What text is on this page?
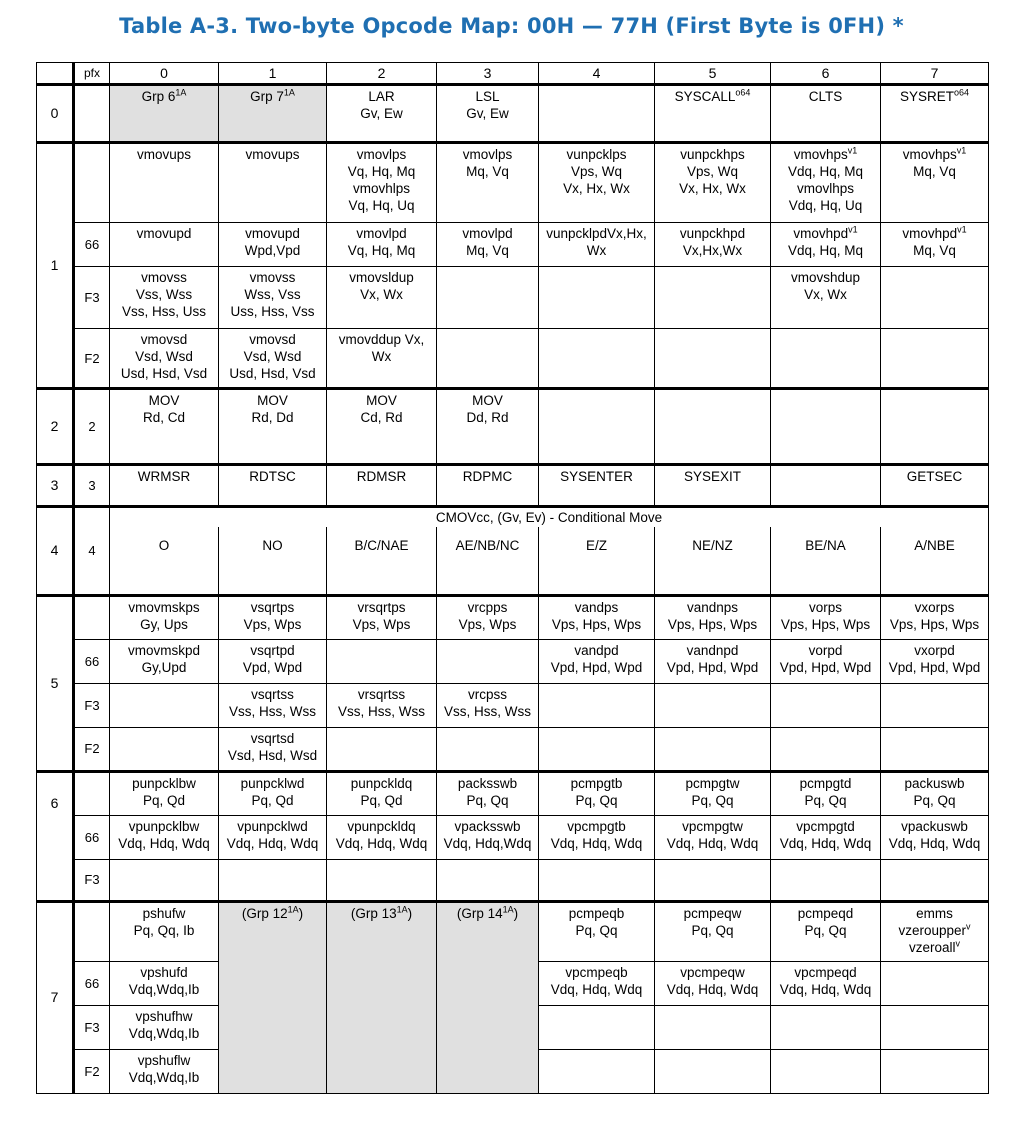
Table A-3. Two-byte Opcode Map: 00H — 77H (First Byte is 0FH) *
	pfx	0	1	2	3	4	5	6	7
0		Grp $6^{1A}$	Grp $7^{1A}$	LAR
Gv, Ew	LSL
Gv, Ew		$SYSCALL^{o64}$	CLTS	$SYSRET^{o64}$
1		vmovups	vmovups	vmovlps
Vq, Hq, Mq
vmovhlps
Vq, Hq, Uq	vmovlps
Mq, Vq	vunpcklps
Vps, Wq
Vx, Hx, Wx	vunpckhps
Vps, Wq
Vx, Hx, Wx	vmovhps$^{v1}$
Vdq, Hq, Mq
vmovlhps
Vdq, Hq, Uq	vmovhps$^{v1}$
Mq, Vq

	66	vmovupd	vmovupd
Wpd,Vpd	vmovlpd
Vq, Hq, Mq	vmovlpd
Mq, Vq	vunpcklpdVx,Hx,
Wx	vunpckhpd
Vx,Hx,Wx	vmovhpd$^{v1}$
Vdq, Hq, Mq	vmovhpd$^{v1}$
Mq, Vq

	F3	vmovss
Vss, Wss
Vss, Hss, Uss	vmovss
Wss, Vss
Uss, Hss, Vss	vmovsldup
Vx, Wx				vmovshdup
Vx, Wx	

	F2	vmovsd
Vsd, Wsd
Usd, Hsd, Vsd	vmovsd
Vsd, Wsd
Usd, Hsd, Vsd	vmovddup Vx,
Wx					

2	2	MOV
Rd, Cd	MOV
Rd, Dd	MOV
Cd, Rd	MOV
Dd, Rd				

3	3	WRMSR	RDTSC	RDMSR	RDPMC	SYSENTER	SYSEXIT		GETSEC
4	4	CMOVcc, (Gv, Ev) - Conditional Move							
		O	NO	B/C/NAE	AE/NB/NC	E/Z	NE/NZ	BE/NA	A/NBE
5		vmovmskps
Gy, Ups	vsqrtps
Vps, Wps	vrsqrtps
Vps, Wps	vrcpps
Vps, Wps	vandps
Vps, Hps, Wps	vandnps
Vps, Hps, Wps	vorps
Vps, Hps, Wps	vxorps
Vps, Hps, Wps

	66	vmovmskpd
Gy,Upd	vsqrtpd
Vpd, Wpd			vandpd
Vpd, Hpd, Wpd	vandnpd
Vpd, Hpd, Wpd	vorpd
Vpd, Hpd, Wpd	vxorpd
Vpd, Hpd, Wpd

	F3		vsqrtss
Vss, Hss, Wss	vrsqrtss
Vss, Hss, Wss	vrcpss
Vss, Hss, Wss				

	F2		vsqrtsd
Vsd, Hsd, Wsd						

6		punpcklbw
Pq, Qd	punpcklwd
Pq, Qd	punpckldq
Pq, Qd	packsswb
Pq, Qq	pcmpgtb
Pq, Qq	pcmpgtw
Pq, Qq	pcmpgtd
Pq, Qq	packuswb
Pq, Qq

	66	vpunpcklbw
Vdq, Hdq, Wdq	vpunpcklwd
Vdq, Hdq, Wdq	vpunpckldq
Vdq, Hdq, Wdq	vpacksswb
Vdq, Hdq,Wdq	vpcmpgtb
Vdq, Hdq, Wdq	vpcmpgtw
Vdq, Hdq, Wdq	vpcmpgtd
Vdq, Hdq, Wdq	vpackuswb
Vdq, Hdq, Wdq

	F3								
7		pshufw
Pq, Qq, Ib	(Grp $12^{1A}$)	(Grp $13^{1A}$)	(Grp $14^{1A}$)	pcmpeqb
Pq, Qq	pcmpeqw
Pq, Qq	pcmpeqd
Pq, Qq	emms
vzeroupper$^v$
vzeroall$^v$

	66	vpshufd
Vdq,Wdq,Ib				vpcmpeqb
Vdq, Hdq, Wdq	vpcmpeqw
Vdq, Hdq, Wdq	vpcmpeqd
Vdq, Hdq, Wdq	

	F3	vpshufhw
Vdq,Wdq,Ib							

	F2	vpshuflw
Vdq,Wdq,Ib							
